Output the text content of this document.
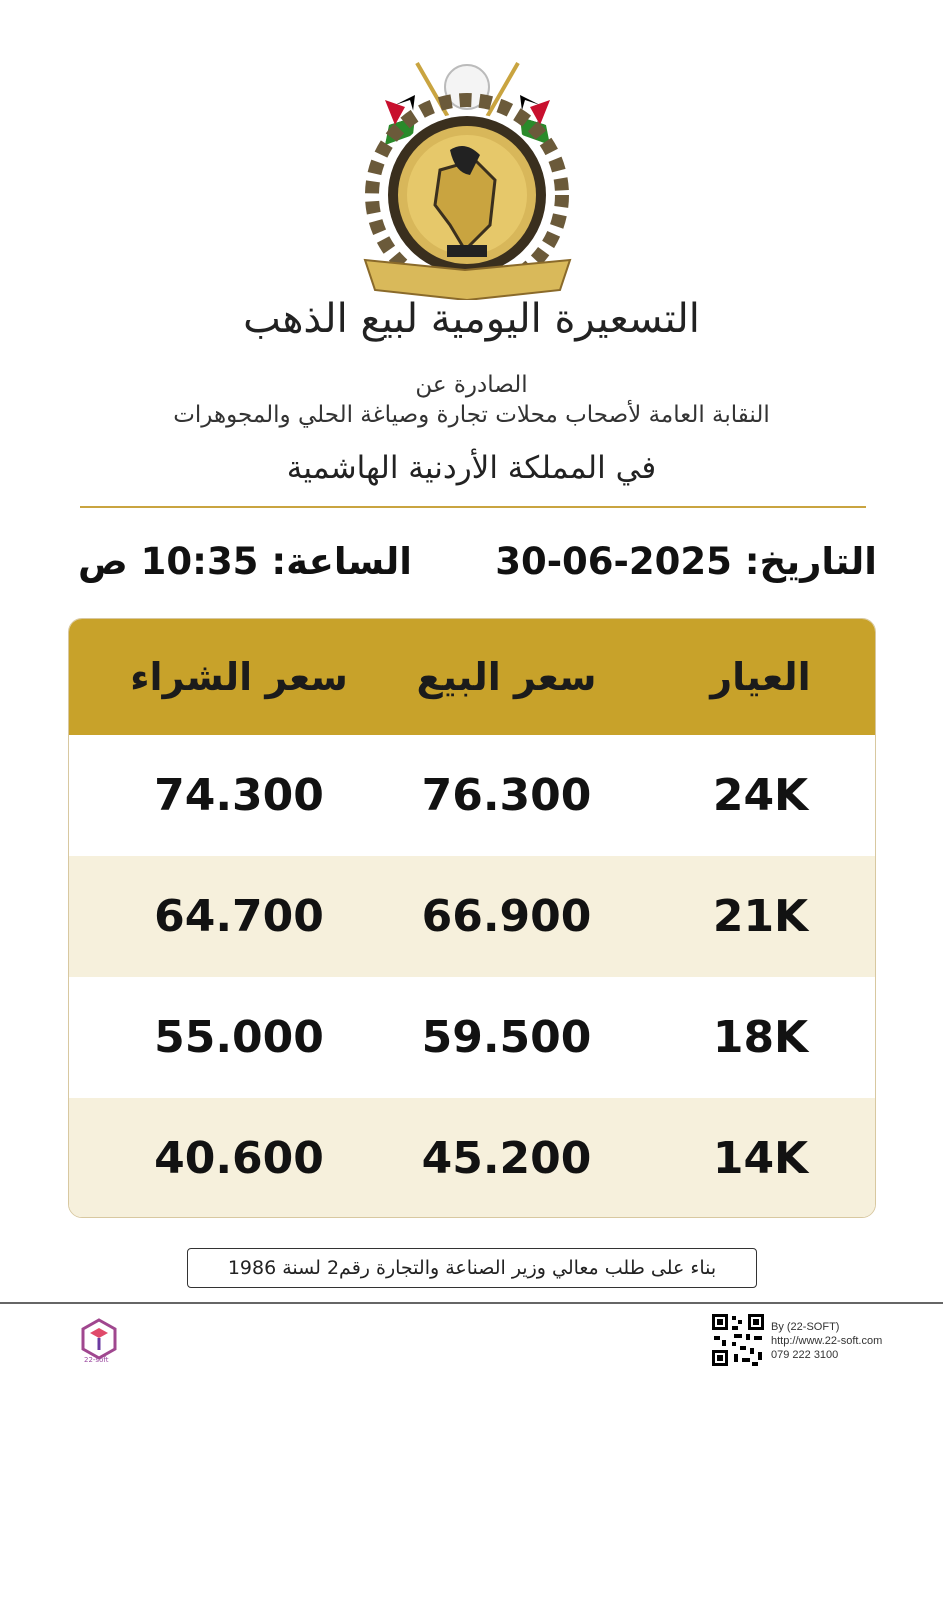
التسعيرة اليومية لبيع الذهب
الصادرة عن
النقابة العامة لأصحاب محلات تجارة وصياغة الحلي والمجوهرات
في المملكة الأردنية الهاشمية
التاريخ: 30-06-2025
الساعة: 10:35 ص
العيار
سعر البيع
سعر الشراء
24K
76.300
74.300
21K
66.900
64.700
18K
59.500
55.000
14K
45.200
40.600
بناء على طلب معالي وزير الصناعة والتجارة رقم2 لسنة 1986
22-soft
By (22-SOFT)
http://www.22-soft.com
079 222 3100
